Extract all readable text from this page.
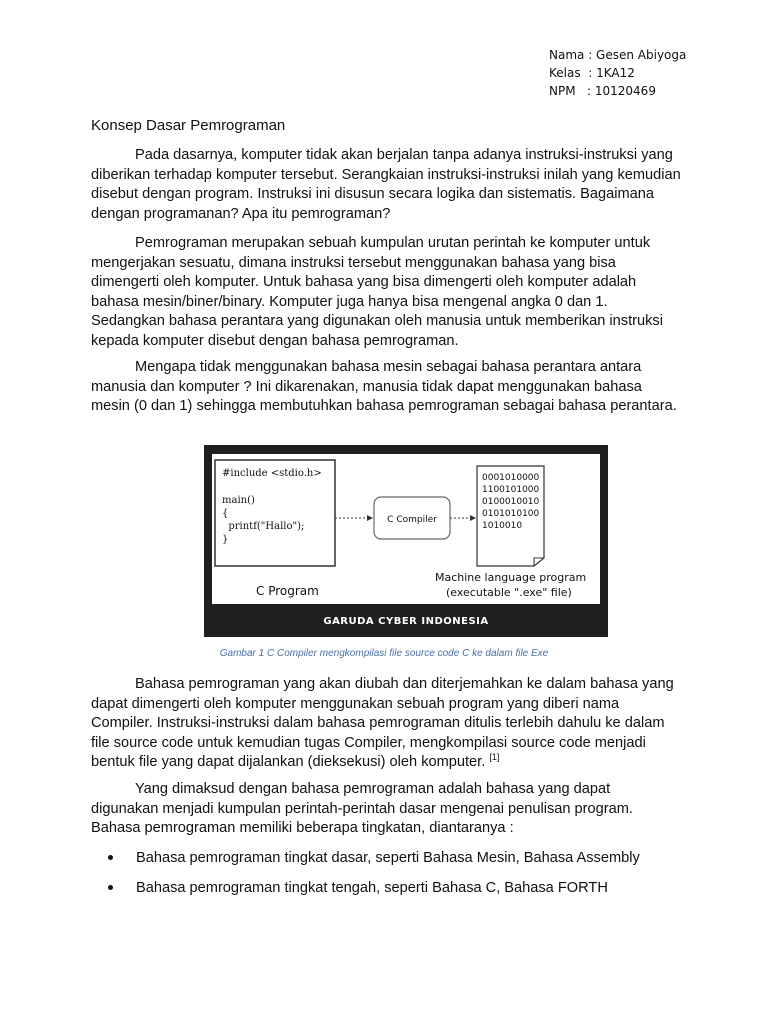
Nama : Gesen Abiyoga
Kelas  : 1KA12
NPM   : 10120469
Konsep Dasar Pemrograman

Pada dasarnya, komputer tidak akan berjalan tanpa adanya instruksi-instruksi yang diberikan terhadap komputer tersebut. Serangkaian instruksi-instruksi inilah yang kemudian disebut dengan program. Instruksi ini disusun secara logika dan sistematis. Bagaimana dengan programanan? Apa itu pemrograman?

Pemrograman merupakan sebuah kumpulan urutan perintah ke komputer untuk mengerjakan sesuatu, dimana instruksi tersebut menggunakan bahasa yang bisa dimengerti oleh komputer. Untuk bahasa yang bisa dimengerti oleh komputer adalah bahasa mesin/biner/binary. Komputer juga hanya bisa mengenal angka 0 dan 1. Sedangkan bahasa perantara yang digunakan oleh manusia untuk memberikan instruksi kepada komputer disebut dengan bahasa pemrograman.

Mengapa tidak menggunakan bahasa mesin sebagai bahasa perantara antara manusia dan komputer ? Ini dikarenakan, manusia tidak dapat menggunakan bahasa mesin (0 dan 1) sehingga membutuhkan bahasa pemrograman sebagai bahasa perantara.

#include <stdio.h>
main()
{
printf("Hallo");
}
C Program
C Compiler
0001010000
1100101000
0100010010
0101010100
1010010
Machine language program
(executable ".exe" file)
GARUDA CYBER INDONESIA
Gambar 1 C Compiler mengkompilasi file source code C ke dalam file Exe

Bahasa pemrograman yang akan diubah dan diterjemahkan ke dalam bahasa yang dapat dimengerti oleh komputer menggunakan sebuah program yang diberi nama Compiler. Instruksi-instruksi dalam bahasa pemrograman ditulis terlebih dahulu ke dalam file source code untuk kemudian tugas Compiler, mengkompilasi source code menjadi bentuk file yang dapat dijalankan (dieksekusi) oleh komputer. [1]

Yang dimaksud dengan bahasa pemrograman adalah bahasa yang dapat digunakan menjadi kumpulan perintah-perintah dasar mengenai penulisan program. Bahasa pemrograman memiliki beberapa tingkatan, diantaranya :

Bahasa pemrograman tingkat dasar, seperti Bahasa Mesin, Bahasa Assembly
Bahasa pemrograman tingkat tengah, seperti Bahasa C, Bahasa FORTH
